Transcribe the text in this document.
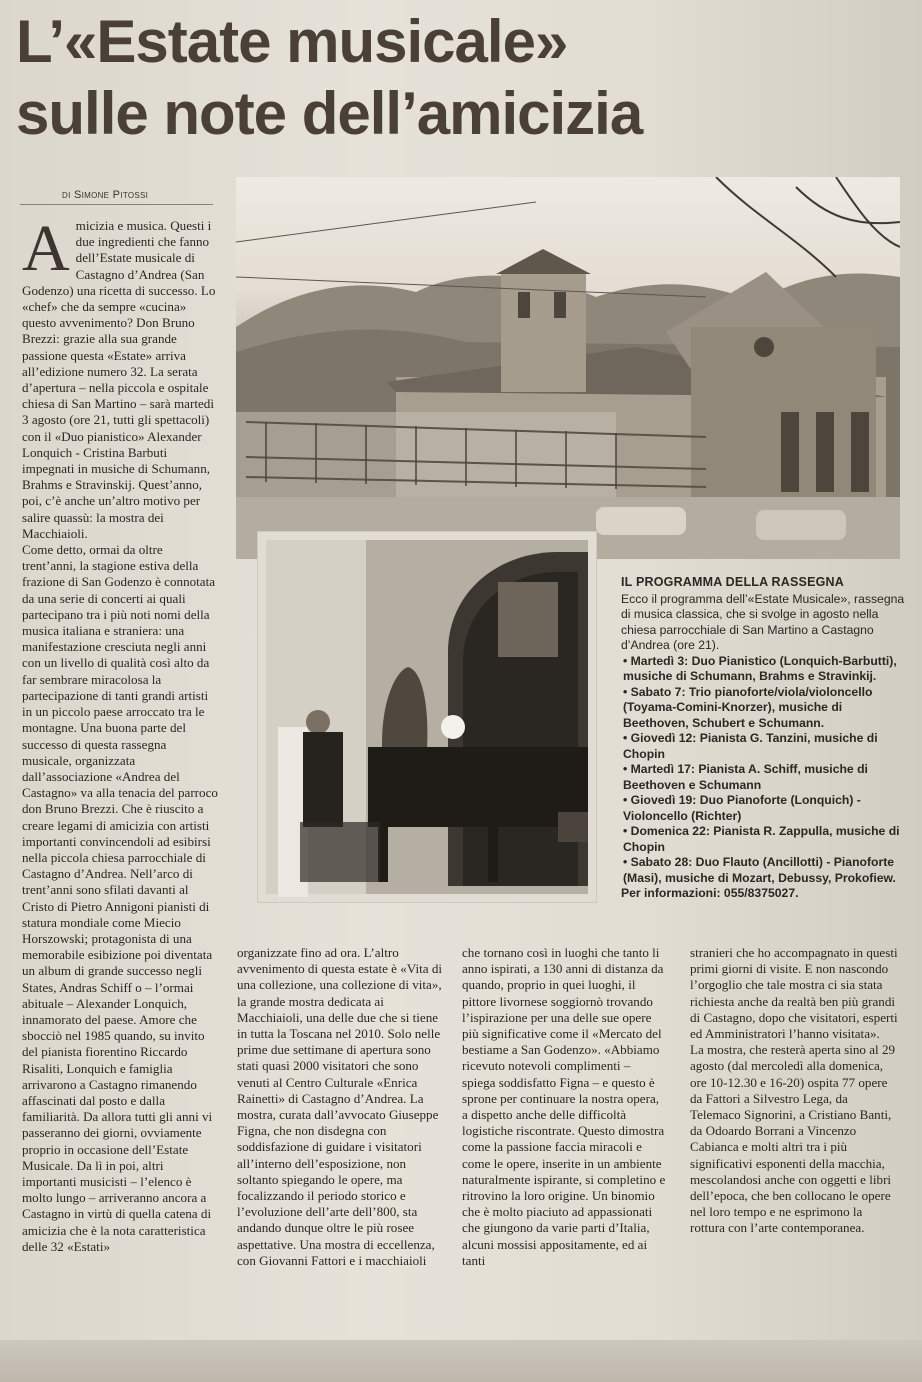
L’«Estate musicale»
sulle note dell’amicizia
di Simone Pitossi

Amicizia e musica. Questi i due ingredienti che fanno dell’Estate musicale di Castagno d’Andrea (San Godenzo) una ricetta di successo. Lo «chef» che da sempre «cucina» questo avvenimento? Don Bruno Brezzi: grazie alla sua grande passione questa «Estate» arriva all’edizione numero 32. La serata d’apertura – nella piccola e ospitale chiesa di San Martino – sarà martedì 3 agosto (ore 21, tutti gli spettacoli) con il «Duo pianistico» Alexander Lonquich - Cristina Barbuti impegnati in musiche di Schumann, Brahms e Stravinskij. Quest’anno, poi, c’è anche un’altro motivo per salire quassù: la mostra dei Macchiaioli.

Come detto, ormai da oltre trent’anni, la stagione estiva della frazione di San Godenzo è connotata da una serie di concerti ai quali partecipano tra i più noti nomi della musica italiana e straniera: una manifestazione cresciuta negli anni con un livello di qualità così alto da far sembrare miracolosa la partecipazione di tanti grandi artisti in un piccolo paese arroccato tra le montagne. Una buona parte del successo di questa rassegna musicale, organizzata dall’associazione «Andrea del Castagno» va alla tenacia del parroco don Bruno Brezzi. Che è riuscito a creare legami di amicizia con artisti importanti convincendoli ad esibirsi nella piccola chiesa parrocchiale di Castagno d’Andrea. Nell’arco di trent’anni sono sfilati davanti al Cristo di Pietro Annigoni pianisti di statura mondiale come Miecio Horszowski; protagonista di una memorabile esibizione poi diventata un album di grande successo negli States, Andras Schiff o – l’ormai abituale – Alexander Lonquich, innamorato del paese. Amore che sbocciò nel 1985 quando, su invito del pianista fiorentino Riccardo Risaliti, Lonquich e famiglia arrivarono a Castagno rimanendo affascinati dal posto e dalla familiarità. Da allora tutti gli anni vi passeranno dei giorni, ovviamente proprio in occasione dell’Estate Musicale. Da lì in poi, altri importanti musicisti – l’elenco è molto lungo – arriveranno ancora a Castagno in virtù di quella catena di amicizia che è la nota caratteristica delle 32 «Estati»

organizzate fino ad ora. L’altro avvenimento di questa estate è «Vita di una collezione, una collezione di vita», la grande mostra dedicata ai Macchiaioli, una delle due che si tiene in tutta la Toscana nel 2010. Solo nelle prime due settimane di apertura sono stati quasi 2000 visitatori che sono venuti al Centro Culturale «Enrica Rainetti» di Castagno d’Andrea. La mostra, curata dall’avvocato Giuseppe Figna, che non disdegna con soddisfazione di guidare i visitatori all’interno dell’esposizione, non soltanto spiegando le opere, ma focalizzando il periodo storico e l’evoluzione dell’arte dell’800, sta andando dunque oltre le più rosee aspettative. Una mostra di eccellenza, con Giovanni Fattori e i macchiaioli

che tornano così in luoghi che tanto li anno ispirati, a 130 anni di distanza da quando, proprio in quei luoghi, il pittore livornese soggiornò trovando l’ispirazione per una delle sue opere più significative come il «Mercato del bestiame a San Godenzo». «Abbiamo ricevuto notevoli complimenti – spiega soddisfatto Figna – e questo è sprone per continuare la nostra opera, a dispetto anche delle difficoltà logistiche riscontrate. Questo dimostra come la passione faccia miracoli e come le opere, inserite in un ambiente naturalmente ispirante, si completino e ritrovino la loro origine. Un binomio che è molto piaciuto ad appassionati che giungono da varie parti d’Italia, alcuni mossisi appositamente, ed ai tanti

stranieri che ho accompagnato in questi primi giorni di visite. E non nascondo l’orgoglio che tale mostra ci sia stata richiesta anche da realtà ben più grandi di Castagno, dopo che visitatori, esperti ed Amministratori l’hanno visitata».

La mostra, che resterà aperta sino al 29 agosto (dal mercoledì alla domenica, ore 10-12.30 e 16-20) ospita 77 opere da Fattori a Silvestro Lega, da Telemaco Signorini, a Cristiano Banti, da Odoardo Borrani a Vincenzo Cabianca e molti altri tra i più significativi esponenti della macchia, mescolandosi anche con oggetti e libri dell’epoca, che ben collocano le opere nel loro tempo e ne esprimono la rottura con l’arte contemporanea.

IL PROGRAMMA DELLA RASSEGNA

Ecco il programma dell’«Estate Musicale», rassegna di musica classica, che si svolge in agosto nella chiesa parrocchiale di San Martino a Castagno d’Andrea (ore 21).

• Martedì 3: Duo Pianistico (Lonquich-Barbutti), musiche di Schumann, Brahms e Stravinkij.
• Sabato 7: Trio pianoforte/viola/violoncello (Toyama-Comini-Knorzer), musiche di Beethoven, Schubert e Schumann.
• Giovedì 12: Pianista G. Tanzini, musiche di Chopin
• Martedì 17: Pianista A. Schiff, musiche di Beethoven e Schumann
• Giovedì 19: Duo Pianoforte (Lonquich) - Violoncello (Richter)
• Domenica 22: Pianista R. Zappulla, musiche di Chopin
• Sabato 28: Duo Flauto (Ancillotti) - Pianoforte (Masi), musiche di Mozart, Debussy, Prokofiew.

Per informazioni: 055/8375027.
